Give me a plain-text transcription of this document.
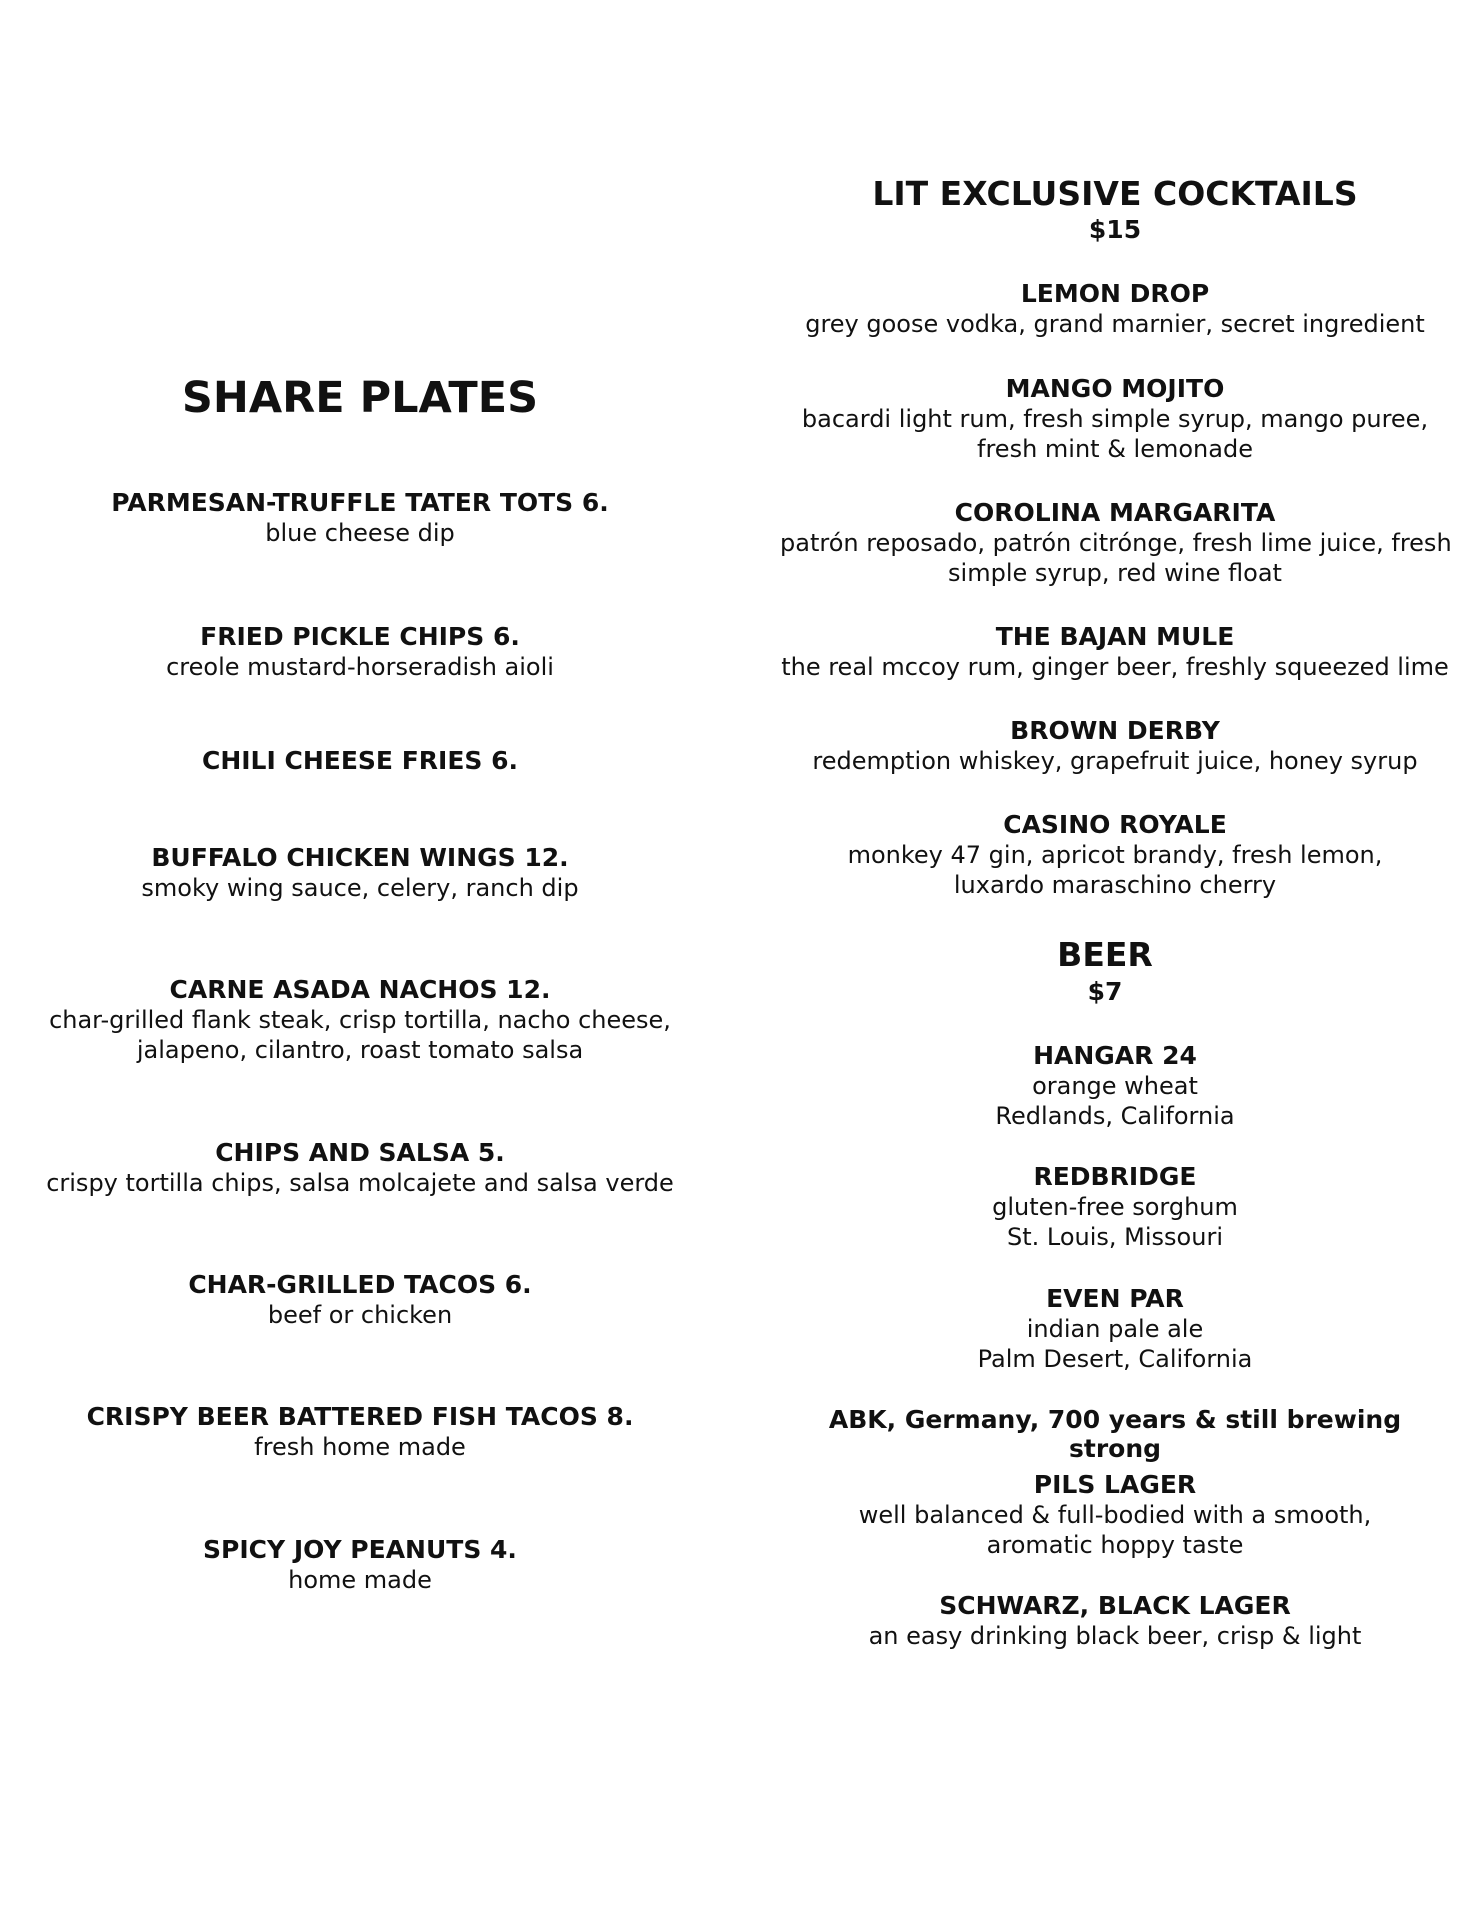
SHARE PLATES
PARMESAN-TRUFFLE TATER TOTS 6.
blue cheese dip
FRIED PICKLE CHIPS 6.
creole mustard-horseradish aioli
CHILI CHEESE FRIES 6.
BUFFALO CHICKEN WINGS 12.
smoky wing sauce, celery, ranch dip
CARNE ASADA NACHOS 12.
char-grilled flank steak, crisp tortilla, nacho cheese,
jalapeno, cilantro, roast tomato salsa
CHIPS AND SALSA 5.
crispy tortilla chips, salsa molcajete and salsa verde
CHAR-GRILLED TACOS 6.
beef or chicken
CRISPY BEER BATTERED FISH TACOS 8.
fresh home made
SPICY JOY PEANUTS 4.
home made
LIT EXCLUSIVE COCKTAILS
$15
LEMON DROP
grey goose vodka, grand marnier, secret ingredient
MANGO MOJITO
bacardi light rum, fresh simple syrup, mango puree,
fresh mint & lemonade
COROLINA MARGARITA
patrón reposado, patrón citrónge, fresh lime juice, fresh
simple syrup, red wine float
THE BAJAN MULE
the real mccoy rum, ginger beer, freshly squeezed lime
BROWN DERBY
redemption whiskey, grapefruit juice, honey syrup
CASINO ROYALE
monkey 47 gin, apricot brandy, fresh lemon,
luxardo maraschino cherry
BEER
$7
HANGAR 24
orange wheat
Redlands, California
REDBRIDGE
gluten-free sorghum
St. Louis, Missouri
EVEN PAR
indian pale ale
Palm Desert, California
ABK, Germany, 700 years & still brewing strong
PILS LAGER
well balanced & full-bodied with a smooth,
aromatic hoppy taste
SCHWARZ, BLACK LAGER
an easy drinking black beer, crisp & light
